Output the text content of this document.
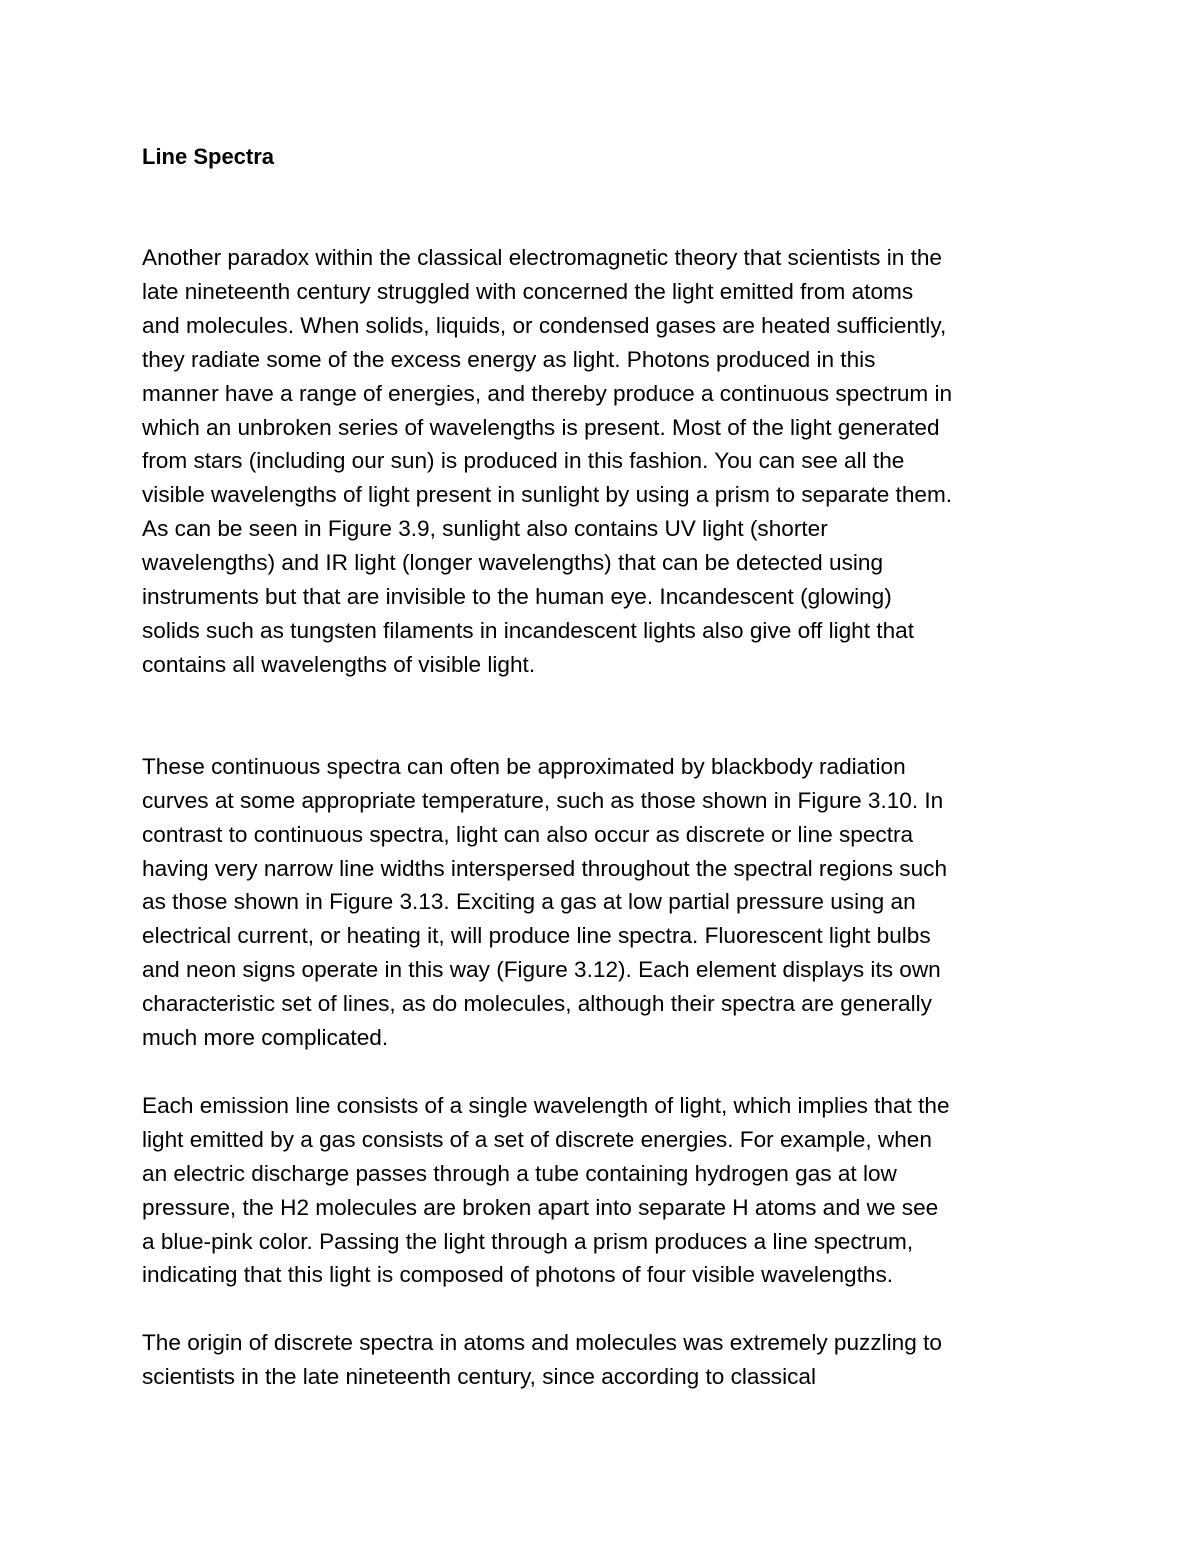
Line Spectra

Another paradox within the classical electromagnetic theory that scientists in the
late nineteenth century struggled with concerned the light emitted from atoms
and molecules. When solids, liquids, or condensed gases are heated sufficiently,
they radiate some of the excess energy as light. Photons produced in this
manner have a range of energies, and thereby produce a continuous spectrum in
which an unbroken series of wavelengths is present. Most of the light generated
from stars (including our sun) is produced in this fashion. You can see all the
visible wavelengths of light present in sunlight by using a prism to separate them.
As can be seen in Figure 3.9, sunlight also contains UV light (shorter
wavelengths) and IR light (longer wavelengths) that can be detected using
instruments but that are invisible to the human eye. Incandescent (glowing)
solids such as tungsten filaments in incandescent lights also give off light that
contains all wavelengths of visible light.

These continuous spectra can often be approximated by blackbody radiation
curves at some appropriate temperature, such as those shown in Figure 3.10. In
contrast to continuous spectra, light can also occur as discrete or line spectra
having very narrow line widths interspersed throughout the spectral regions such
as those shown in Figure 3.13. Exciting a gas at low partial pressure using an
electrical current, or heating it, will produce line spectra. Fluorescent light bulbs
and neon signs operate in this way (Figure 3.12). Each element displays its own
characteristic set of lines, as do molecules, although their spectra are generally
much more complicated.

Each emission line consists of a single wavelength of light, which implies that the
light emitted by a gas consists of a set of discrete energies. For example, when
an electric discharge passes through a tube containing hydrogen gas at low
pressure, the H2 molecules are broken apart into separate H atoms and we see
a blue-pink color. Passing the light through a prism produces a line spectrum,
indicating that this light is composed of photons of four visible wavelengths.

The origin of discrete spectra in atoms and molecules was extremely puzzling to
scientists in the late nineteenth century, since according to classical
